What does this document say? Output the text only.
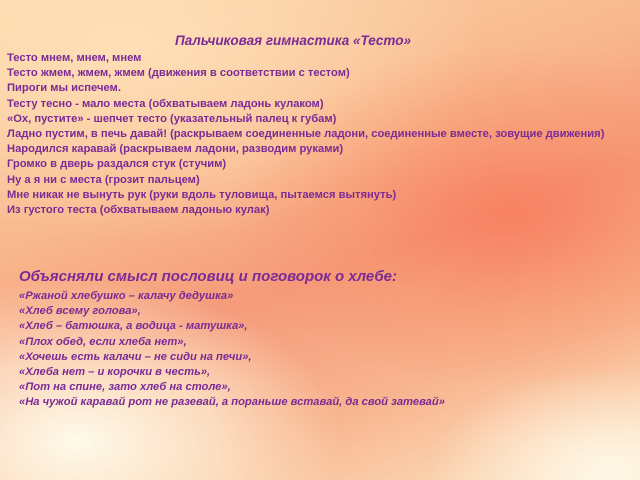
Пальчиковая гимнастика «Тесто»

Тесто мнем, мнем, мнем

Тесто жмем, жмем, жмем (движения в соответствии с тестом)

Пироги мы испечем.

Тесту тесно - мало места (обхватываем ладонь кулаком)

«Ох, пустите» - шепчет тесто (указательный палец к губам)

Ладно пустим, в печь давай! (раскрываем соединенные ладони, соединенные вместе, зовущие движения)

Народился каравай (раскрываем ладони, разводим руками)

Громко в дверь раздался стук (стучим)

Ну а я ни с места (грозит пальцем)

Мне никак не вынуть рук (руки вдоль туловища, пытаемся вытянуть)

Из густого теста (обхватываем ладонью кулак)

Объясняли смысл пословиц и поговорок о хлебе:

«Ржаной хлебушко – калачу дедушка»

«Хлеб всему голова»,

«Хлеб – батюшка, а водица - матушка»,

«Плох обед, если хлеба нет»,

«Хочешь есть калачи – не сиди на печи»,

«Хлеба нет – и корочки в честь»,

«Пот на спине, зато хлеб на столе»,

«На чужой каравай рот не разевай, а пораньше вставай, да свой затевай»
